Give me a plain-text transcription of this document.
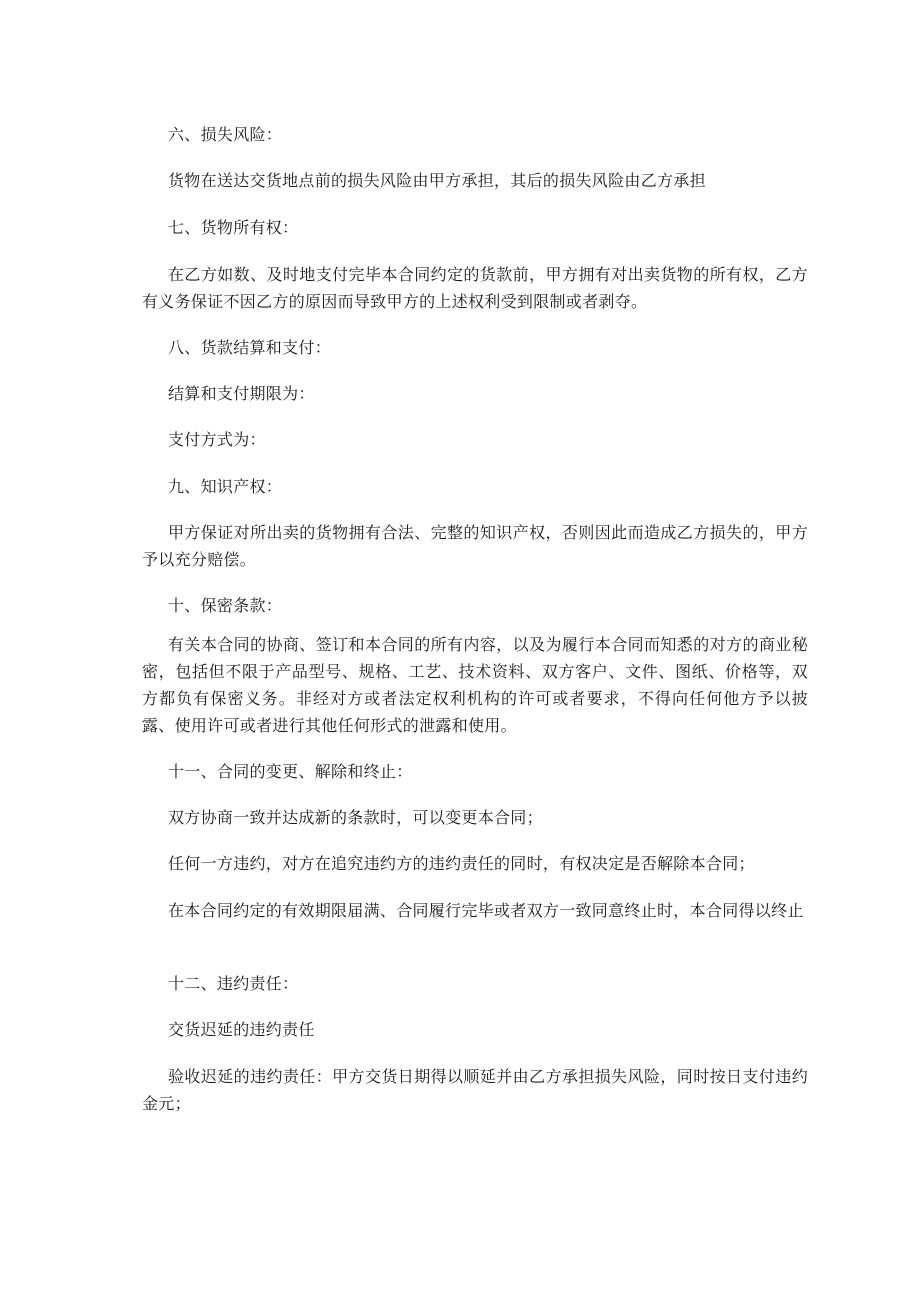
六、损失风险：

货物在送达交货地点前的损失风险由甲方承担，其后的损失风险由乙方承担

七、货物所有权：

在乙方如数、及时地支付完毕本合同约定的货款前，甲方拥有对出卖货物的所有权，乙方有义务保证不因乙方的原因而导致甲方的上述权利受到限制或者剥夺。

八、货款结算和支付：

结算和支付期限为：

支付方式为：

九、知识产权：

甲方保证对所出卖的货物拥有合法、完整的知识产权，否则因此而造成乙方损失的，甲方予以充分赔偿。

十、保密条款：

有关本合同的协商、签订和本合同的所有内容，以及为履行本合同而知悉的对方的商业秘密，包括但不限于产品型号、规格、工艺、技术资料、双方客户、文件、图纸、价格等，双方都负有保密义务。非经对方或者法定权利机构的许可或者要求，不得向任何他方予以披露、使用许可或者进行其他任何形式的泄露和使用。

十一、合同的变更、解除和终止：

双方协商一致并达成新的条款时，可以变更本合同；

任何一方违约，对方在追究违约方的违约责任的同时，有权决定是否解除本合同；

在本合同约定的有效期限届满、合同履行完毕或者双方一致同意终止时，本合同得以终止

十二、违约责任：

交货迟延的违约责任

验收迟延的违约责任：甲方交货日期得以顺延并由乙方承担损失风险，同时按日支付违约金元；
